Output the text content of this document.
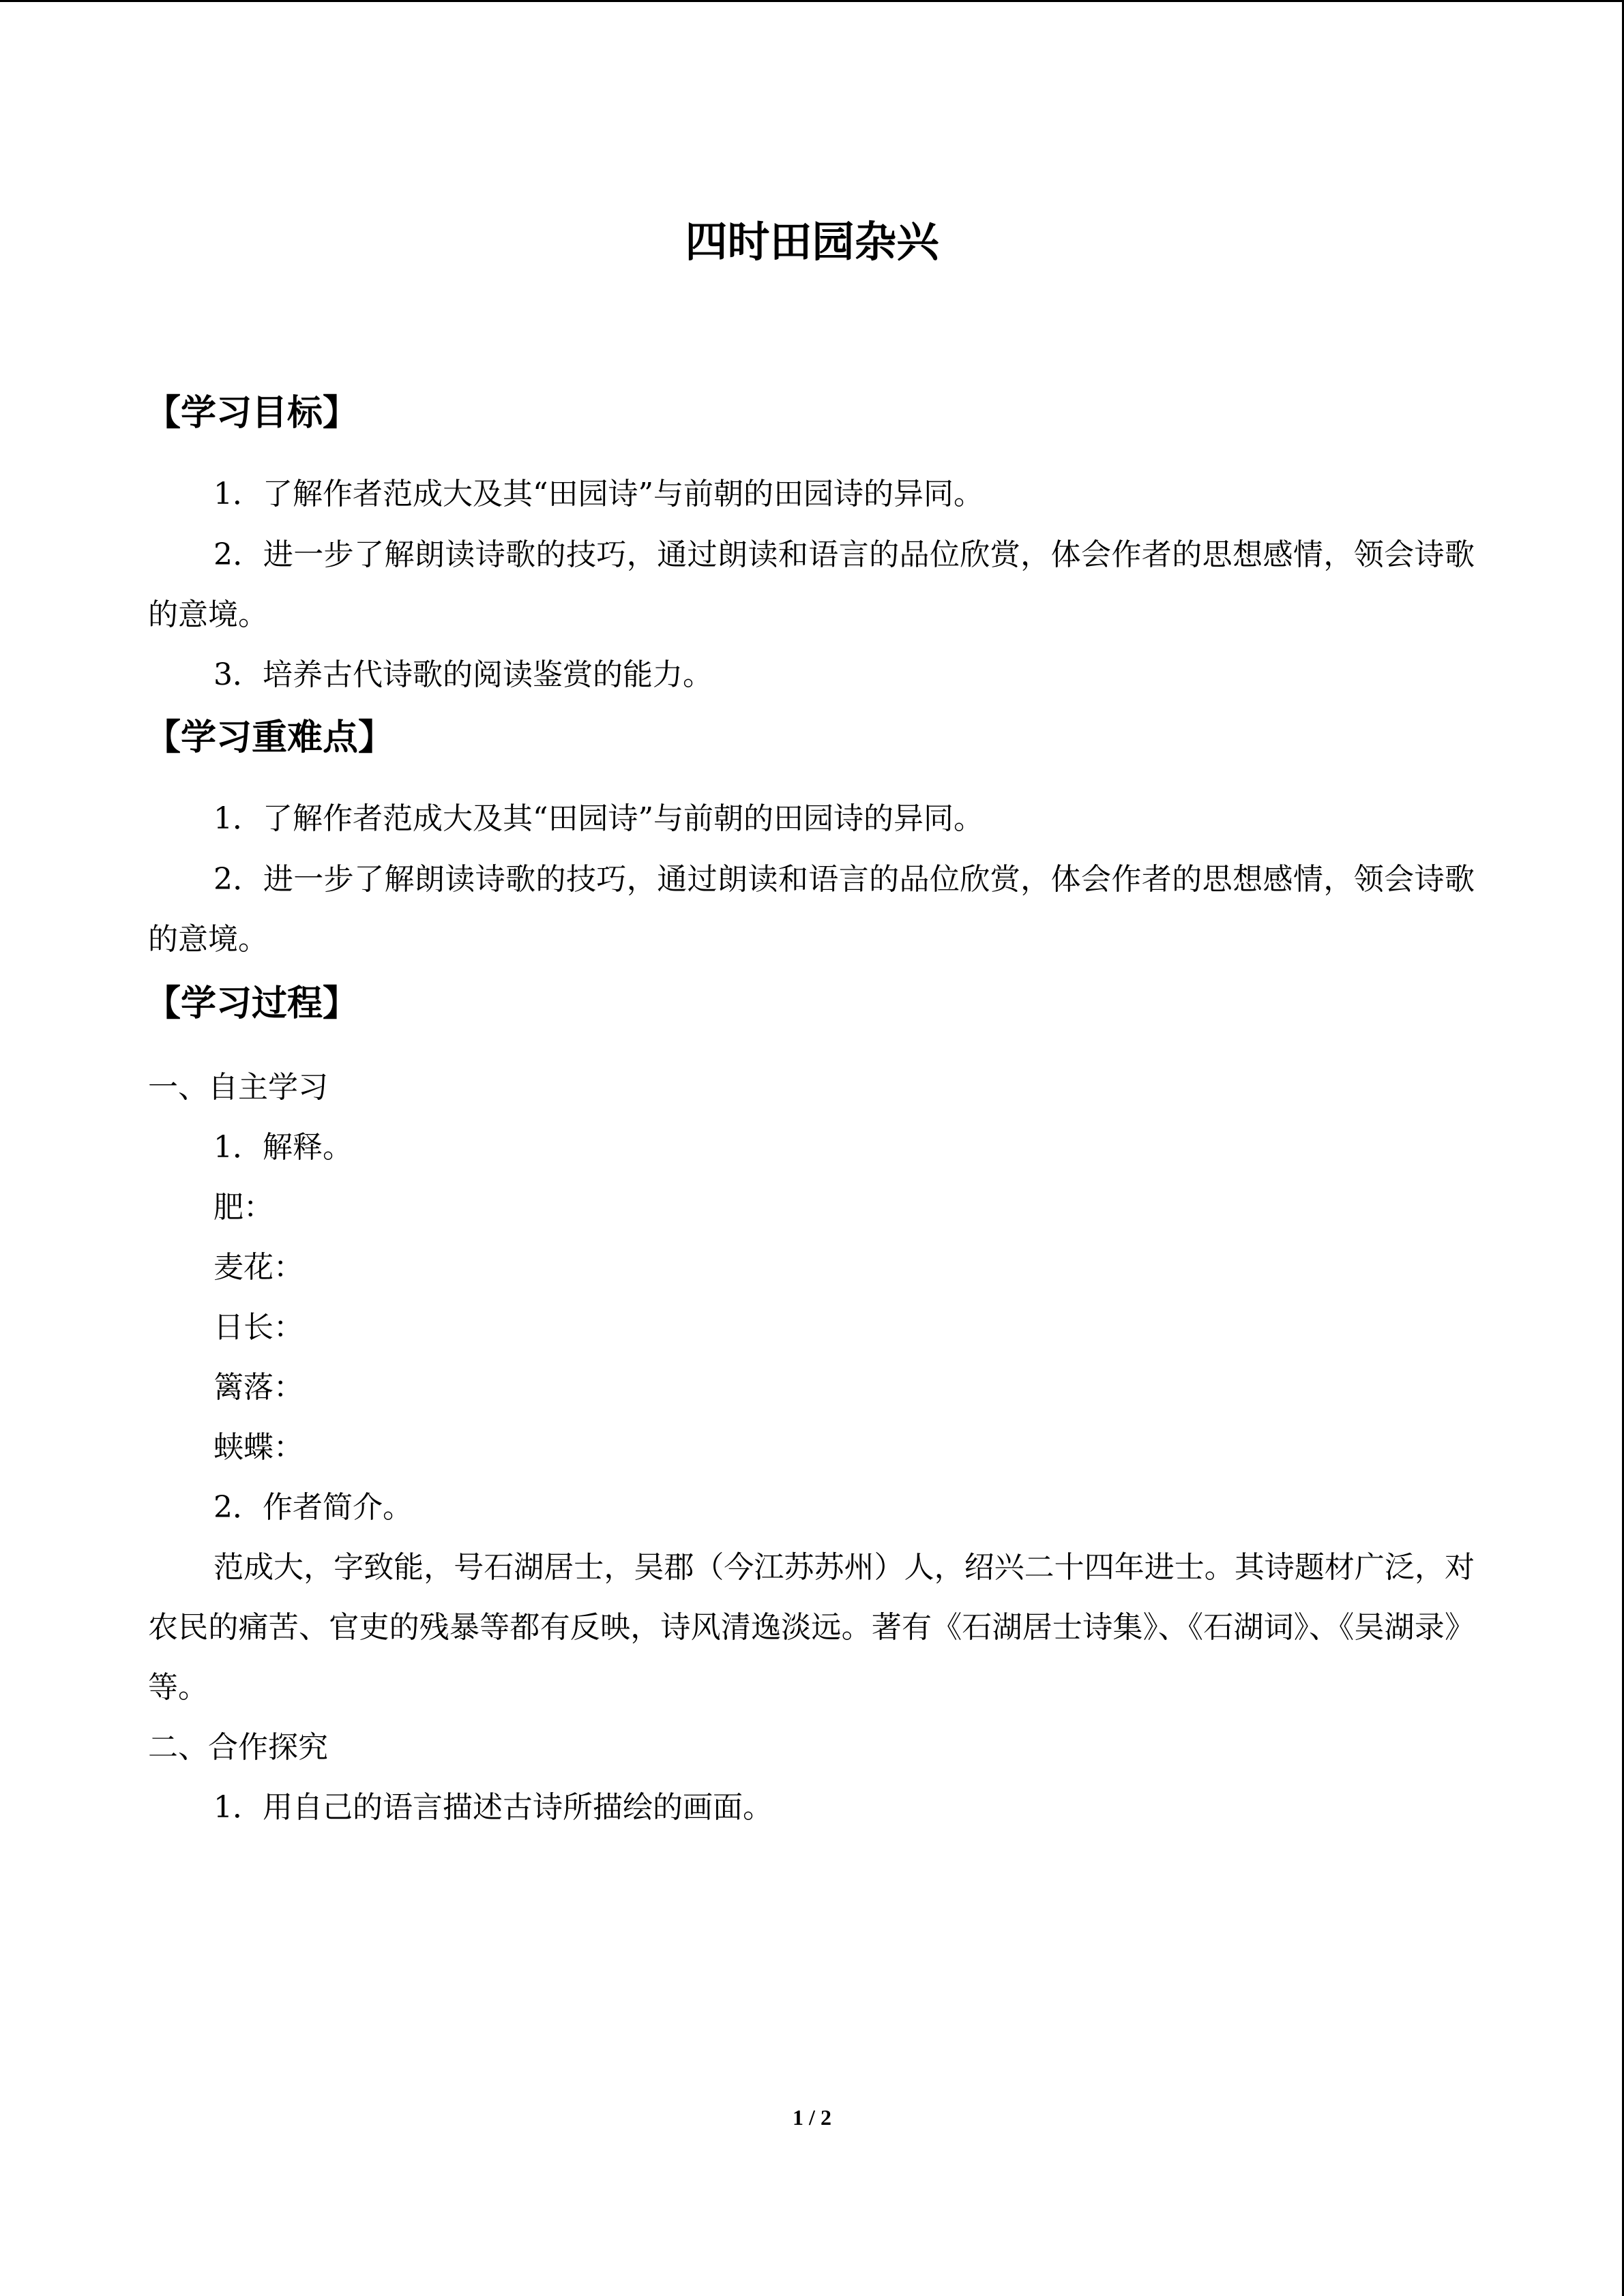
四时田园杂兴
【学习目标】
1．了解作者范成大及其“田园诗”与前朝的田园诗的异同。
2．进一步了解朗读诗歌的技巧，通过朗读和语言的品位欣赏，体会作者的思想感情，领会诗歌的意境。
3．培养古代诗歌的阅读鉴赏的能力。
【学习重难点】
1．了解作者范成大及其“田园诗”与前朝的田园诗的异同。
2．进一步了解朗读诗歌的技巧，通过朗读和语言的品位欣赏，体会作者的思想感情，领会诗歌的意境。
【学习过程】
一、自主学习
1．解释。
肥：
麦花：
日长：
篱落：
蛱蝶：
2．作者简介。
范成大，字致能，号石湖居士，吴郡（今江苏苏州）人，绍兴二十四年进士。其诗题材广泛，对农民的痛苦、官吏的残暴等都有反映，诗风清逸淡远。著有《石湖居士诗集》、《石湖词》、《吴湖录》等。
二、合作探究
1．用自己的语言描述古诗所描绘的画面。
1 / 2
